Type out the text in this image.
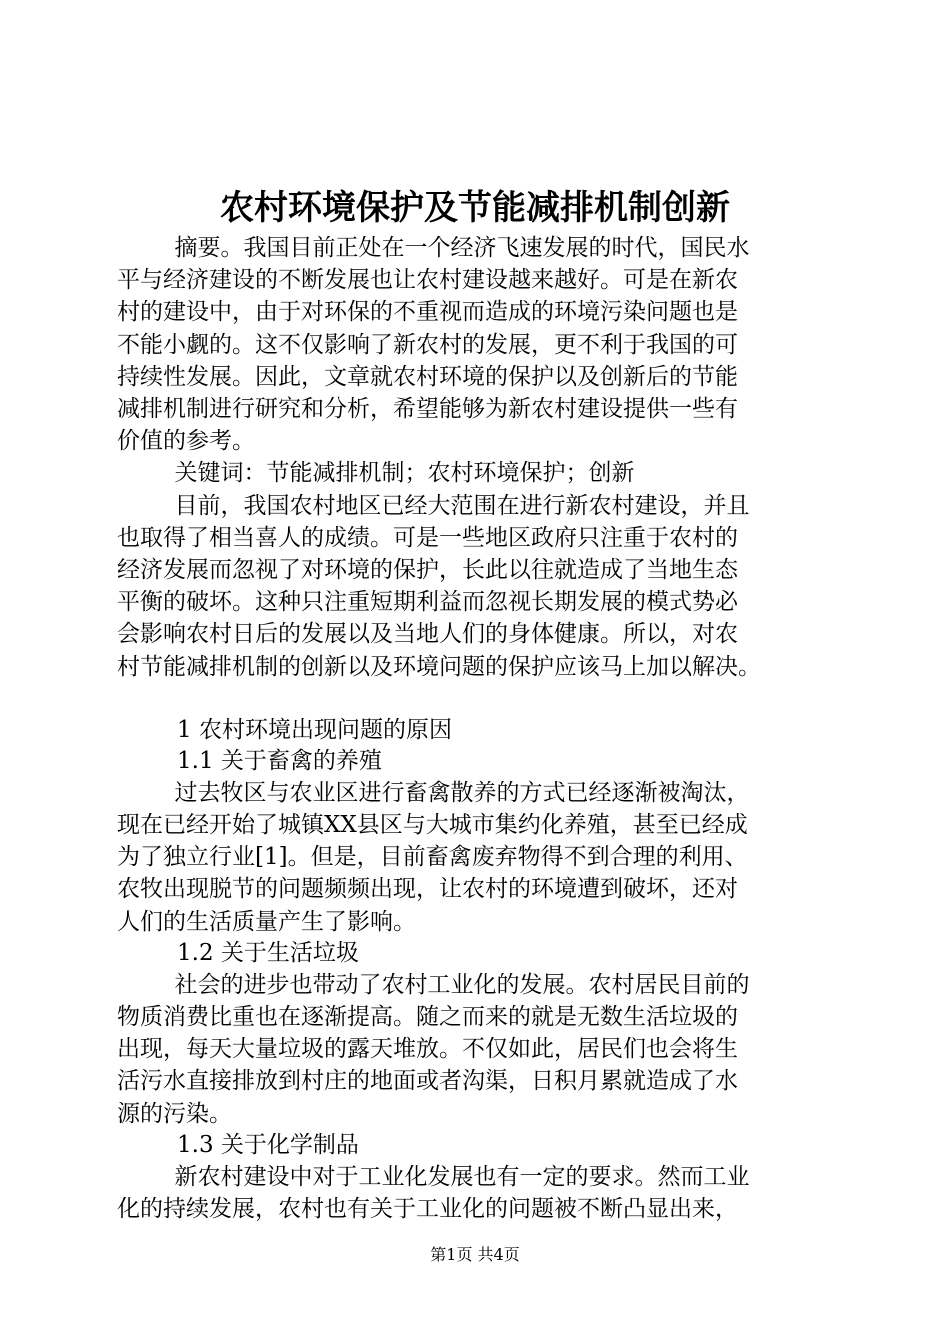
农村环境保护及节能减排机制创新
摘要。我国目前正处在一个经济飞速发展的时代，国民水
平与经济建设的不断发展也让农村建设越来越好。可是在新农
村的建设中，由于对环保的不重视而造成的环境污染问题也是
不能小觑的。这不仅影响了新农村的发展，更不利于我国的可
持续性发展。因此，文章就农村环境的保护以及创新后的节能
减排机制进行研究和分析，希望能够为新农村建设提供一些有
价值的参考。
关键词：节能减排机制；农村环境保护；创新
目前，我国农村地区已经大范围在进行新农村建设，并且
也取得了相当喜人的成绩。可是一些地区政府只注重于农村的
经济发展而忽视了对环境的保护，长此以往就造成了当地生态
平衡的破坏。这种只注重短期利益而忽视长期发展的模式势必
会影响农村日后的发展以及当地人们的身体健康。所以，对农
村节能减排机制的创新以及环境问题的保护应该马上加以解决。
1 农村环境出现问题的原因
1.1 关于畜禽的养殖
过去牧区与农业区进行畜禽散养的方式已经逐渐被淘汰，
现在已经开始了城镇XX县区与大城市集约化养殖，甚至已经成
为了独立行业[1]。但是，目前畜禽废弃物得不到合理的利用、
农牧出现脱节的问题频频出现，让农村的环境遭到破坏，还对
人们的生活质量产生了影响。
1.2 关于生活垃圾
社会的进步也带动了农村工业化的发展。农村居民目前的
物质消费比重也在逐渐提高。随之而来的就是无数生活垃圾的
出现，每天大量垃圾的露天堆放。不仅如此，居民们也会将生
活污水直接排放到村庄的地面或者沟渠，日积月累就造成了水
源的污染。
1.3 关于化学制品
新农村建设中对于工业化发展也有一定的要求。然而工业
化的持续发展，农村也有关于工业化的问题被不断凸显出来，
第1页 共4页
